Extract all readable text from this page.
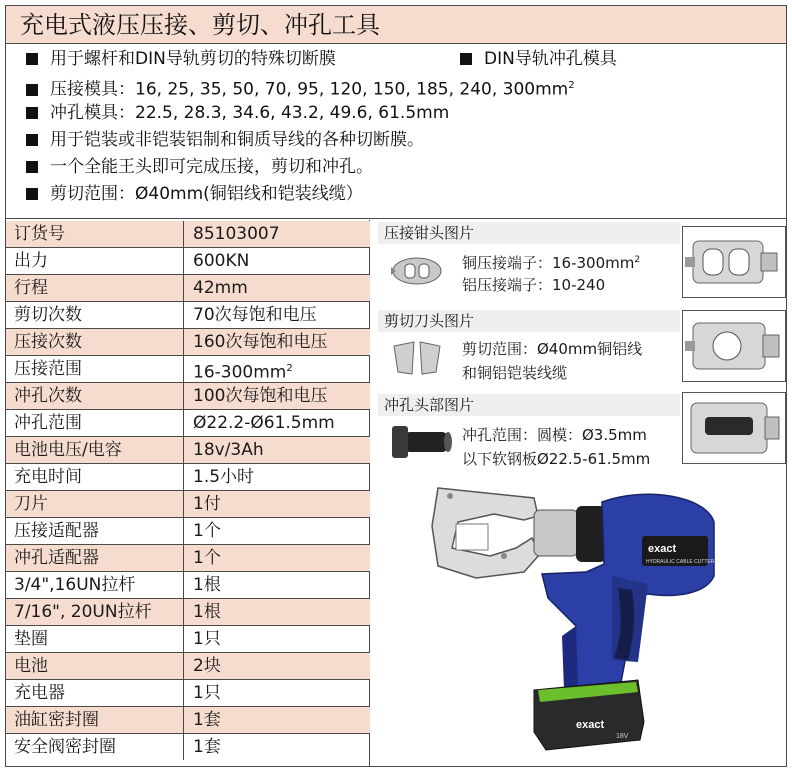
充电式液压压接、剪切、冲孔工具
用于螺杆和DIN导轨剪切的特殊切断膜	DIN导轨冲孔模具
压接模具：16, 25, 35, 50, 70, 95, 120, 150, 185, 240, $300mm^2$
冲孔模具：22.5, 28.3, 34.6, 43.2, 49.6, 61.5mm
用于铠装或非铠装铝制和铜质导线的各种切断膜。
一个全能王头即可完成压接，剪切和冲孔。
剪切范围：Ø40mm(铜铝线和铠装线缆）
订货号	85103007
出力	600KN
行程	42mm
剪切次数	70次每饱和电压
压接次数	160次每饱和电压
压接范围	$16-300mm^2$
冲孔次数	100次每饱和电压
冲孔范围	Ø22.2-Ø61.5mm
电池电压/电容	18v/3Ah
充电时间	1.5小时
刀片	1付
压接适配器	1个
冲孔适配器	1个
3/4",16UN拉杆	1根
7/16", 20UN拉杆	1根
垫圈	1只
电池	2块
充电器	1只
油缸密封圈	1套
安全阀密封圈	1套
压接钳头图片
铜压接端子：$16-300mm^2$
铝压接端子：10-240
剪切刀头图片
剪切范围：Ø40mm铜铝线
和铜铝铠装线缆
冲孔头部图片
冲孔范围：圆模：Ø3.5mm
以下软钢板Ø22.5-61.5mm
exact
HYDRAULIC CABLE CUTTER
exact
18V
